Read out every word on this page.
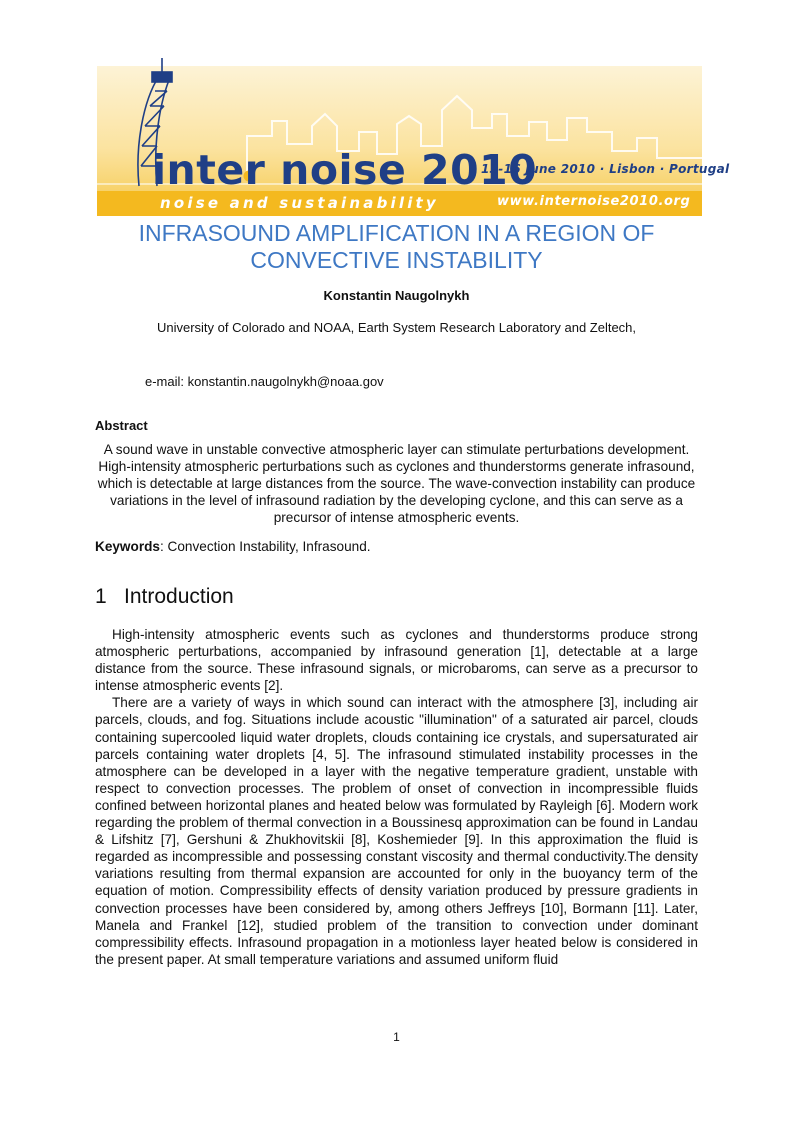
inter noise 2010
noise and sustainability
13-16 June 2010 · Lisbon · Portugal
www.internoise2010.org
INFRASOUND AMPLIFICATION IN A REGION OF CONVECTIVE INSTABILITY
Konstantin Naugolnykh
University of Colorado and NOAA, Earth System Research Laboratory and Zeltech,
e-mail: konstantin.naugolnykh@noaa.gov
Abstract
A sound wave in unstable convective atmospheric layer can stimulate perturbations development. High-intensity atmospheric perturbations such as cyclones and thunderstorms generate infrasound, which is detectable at large distances from the source. The wave-convection instability can produce variations in the level of infrasound radiation by the developing cyclone, and this can serve as a precursor of intense atmospheric events.
Keywords: Convection Instability, Infrasound.
1 Introduction

High-intensity atmospheric events such as cyclones and thunderstorms produce strong atmospheric perturbations, accompanied by infrasound generation [1], detectable at a large distance from the source. These infrasound signals, or microbaroms, can serve as a precursor to intense atmospheric events [2].

There are a variety of ways in which sound can interact with the atmosphere [3], including air parcels, clouds, and fog. Situations include acoustic "illumination" of a saturated air parcel, clouds containing supercooled liquid water droplets, clouds containing ice crystals, and supersaturated air parcels containing water droplets [4, 5]. The infrasound stimulated instability processes in the atmosphere can be developed in a layer with the negative temperature gradient, unstable with respect to convection processes. The problem of onset of convection in incompressible fluids confined between horizontal planes and heated below was formulated by Rayleigh [6]. Modern work regarding the problem of thermal convection in a Boussinesq approximation can be found in Landau & Lifshitz [7], Gershuni & Zhukhovitskii [8], Koshemieder [9]. In this approximation the fluid is regarded as incompressible and possessing constant viscosity and thermal conductivity.The density variations resulting from thermal expansion are accounted for only in the buoyancy term of the equation of motion. Compressibility effects of density variation produced by pressure gradients in convection processes have been considered by, among others Jeffreys [10], Bormann [11]. Later, Manela and Frankel [12], studied problem of the transition to convection under dominant compressibility effects. Infrasound propagation in a motionless layer heated below is considered in the present paper. At small temperature variations and assumed uniform fluid

1
